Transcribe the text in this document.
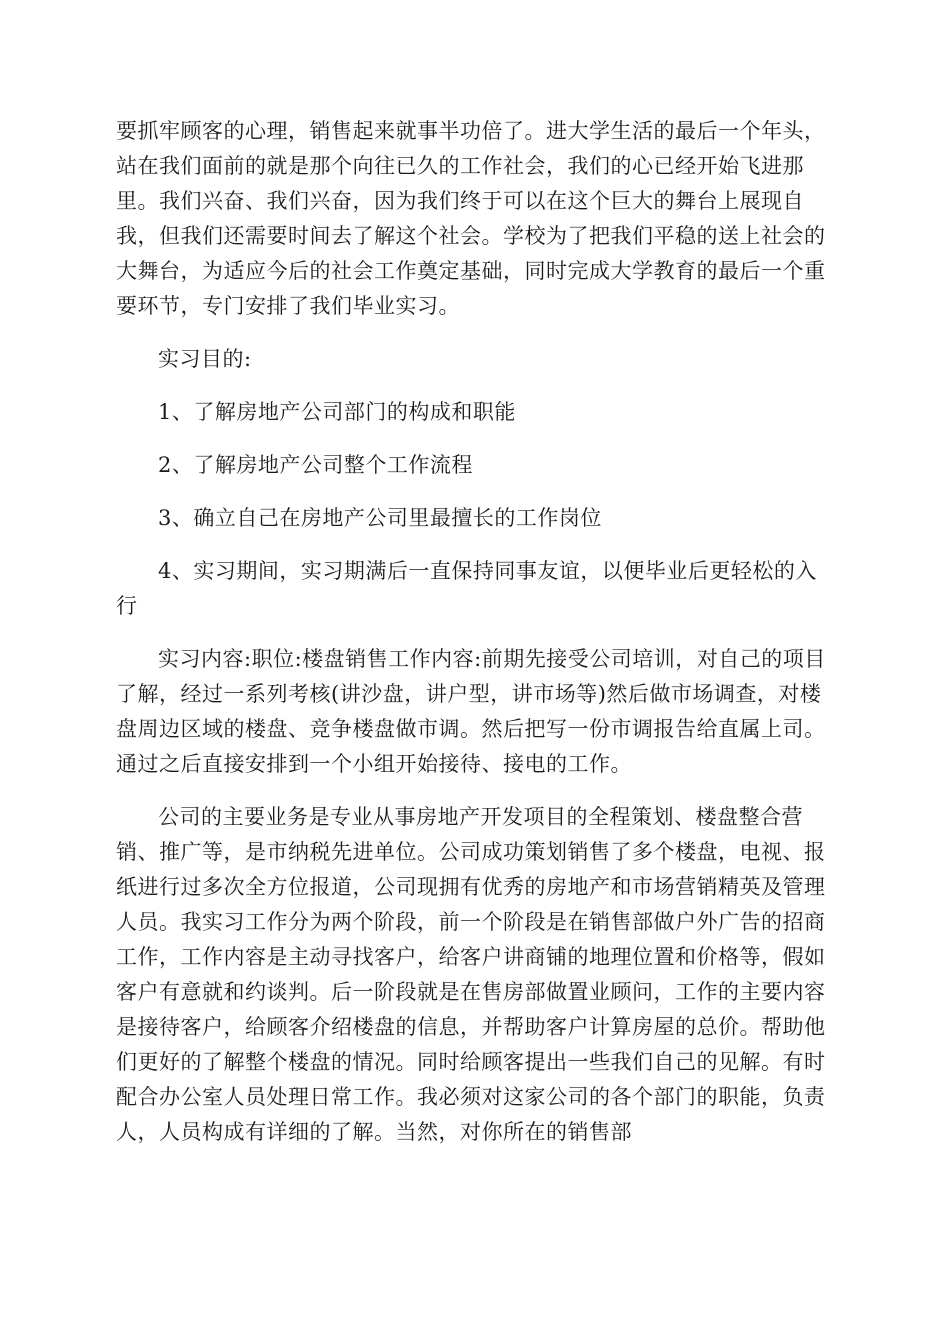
要抓牢顾客的心理，销售起来就事半功倍了。进大学生活的最后一个年头，站在我们面前的就是那个向往已久的工作社会，我们的心已经开始飞进那里。我们兴奋、我们兴奋，因为我们终于可以在这个巨大的舞台上展现自我，但我们还需要时间去了解这个社会。学校为了把我们平稳的送上社会的大舞台，为适应今后的社会工作奠定基础，同时完成大学教育的最后一个重要环节，专门安排了我们毕业实习。

实习目的:

1、了解房地产公司部门的构成和职能

2、了解房地产公司整个工作流程

3、确立自己在房地产公司里最擅长的工作岗位

4、实习期间，实习期满后一直保持同事友谊，以便毕业后更轻松的入行

实习内容:职位:楼盘销售工作内容:前期先接受公司培训，对自己的项目了解，经过一系列考核(讲沙盘，讲户型，讲市场等)然后做市场调查，对楼盘周边区域的楼盘、竞争楼盘做市调。然后把写一份市调报告给直属上司。通过之后直接安排到一个小组开始接待、接电的工作。

公司的主要业务是专业从事房地产开发项目的全程策划、楼盘整合营销、推广等，是市纳税先进单位。公司成功策划销售了多个楼盘，电视、报纸进行过多次全方位报道，公司现拥有优秀的房地产和市场营销精英及管理人员。我实习工作分为两个阶段，前一个阶段是在销售部做户外广告的招商工作，工作内容是主动寻找客户，给客户讲商铺的地理位置和价格等，假如客户有意就和约谈判。后一阶段就是在售房部做置业顾问，工作的主要内容是接待客户，给顾客介绍楼盘的信息，并帮助客户计算房屋的总价。帮助他们更好的了解整个楼盘的情况。同时给顾客提出一些我们自己的见解。有时配合办公室人员处理日常工作。我必须对这家公司的各个部门的职能，负责人，人员构成有详细的了解。当然，对你所在的销售部
